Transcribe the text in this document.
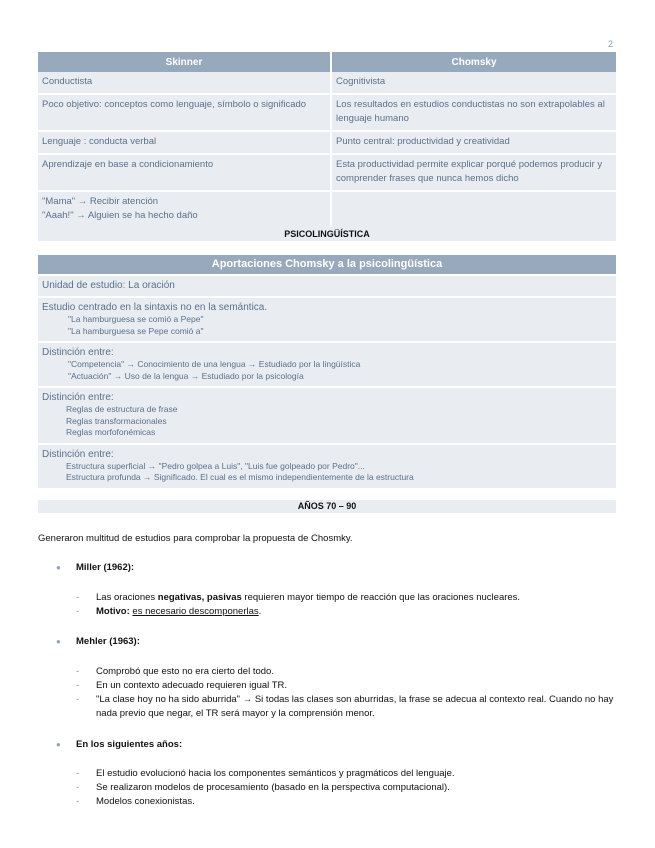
2
Skinner	Chomsky
Conductista	Cognitivista
Poco objetivo: conceptos como lenguaje, símbolo o significado	Los resultados en estudios conductistas no son extrapolables al lenguaje humano
Lenguaje : conducta verbal	Punto central: productividad y creatividad
Aprendizaje en base a condicionamiento	Esta productividad permite explicar porqué podemos producir y comprender frases que nunca hemos dicho

"Mama" → Recibir atención
"Aaah!" → Alguien se ha hecho daño	

PSICOLINGÜÍSTICA
Aportaciones Chomsky a la psicolingüística
Unidad de estudio: La oración
Estudio centrado en la sintaxis no en la semántica.
"La hamburguesa se comió a Pepe"
"La hamburguesa se Pepe comió a"
Distinción entre:
"Competencia" → Conocimiento de una lengua → Estudiado por la lingüística
"Actuación" → Uso de la lengua → Estudiado por la psicología
Distinción entre:
Reglas de estructura de frase
Reglas transformacionales
Reglas morfofonémicas
Distinción entre:
Estructura superficial → "Pedro golpea a Luis", "Luis fue golpeado por Pedro"...
Estructura profunda → Significado. El cual es el mismo independientemente de la estructura
AÑOS 70 – 90
Generaron multitud de estudios para comprobar la propuesta de Chosmky.
● Miller (1962):
- Las oraciones negativas, pasivas requieren mayor tiempo de reacción que las oraciones nucleares.
- Motivo: es necesario descomponerlas.
● Mehler (1963):
- Comprobó que esto no era cierto del todo.
- En un contexto adecuado requieren igual TR.
- "La clase hoy no ha sido aburrida" → Si todas las clases son aburridas, la frase se adecua al contexto real. Cuando no hay nada previo que negar, el TR será mayor y la comprensión menor.
● En los siguientes años:
- El estudio evolucionó hacia los componentes semánticos y pragmáticos del lenguaje.
- Se realizaron modelos de procesamiento (basado en la perspectiva computacional).
- Modelos conexionistas.
